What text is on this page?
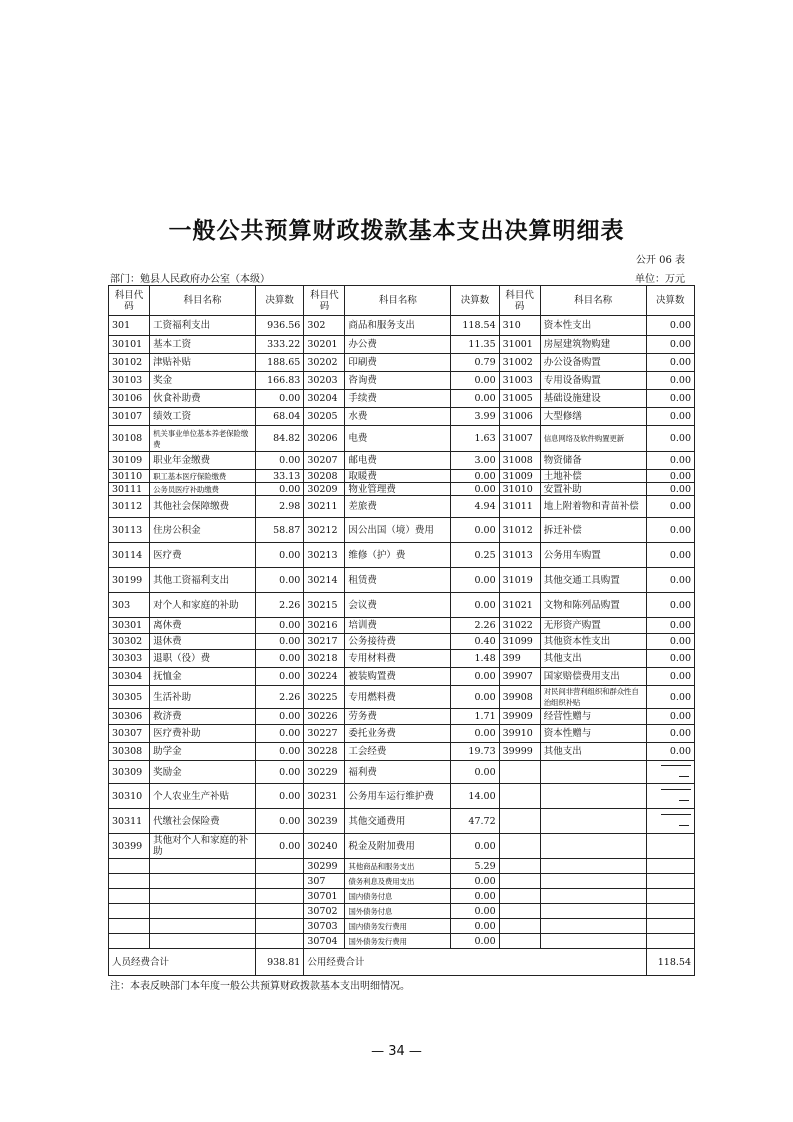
一般公共预算财政拨款基本支出决算明细表
公开 06 表
部门：勉县人民政府办公室（本级）	单位：万元
科目代码	科目名称	决算数	科目代码	科目名称	决算数	科目代码	科目名称	决算数
301	工资福利支出	936.56	302	商品和服务支出	118.54	310	资本性支出	0.00
30101	基本工资	333.22	30201	办公费	11.35	31001	房屋建筑物购建	0.00
30102	津贴补贴	188.65	30202	印刷费	0.79	31002	办公设备购置	0.00
30103	奖金	166.83	30203	咨询费	0.00	31003	专用设备购置	0.00
30106	伙食补助费	0.00	30204	手续费	0.00	31005	基础设施建设	0.00
30107	绩效工资	68.04	30205	水费	3.99	31006	大型修缮	0.00
30108	机关事业单位基本养老保险缴费	84.82	30206	电费	1.63	31007	信息网络及软件购置更新	0.00
30109	职业年金缴费	0.00	30207	邮电费	3.00	31008	物资储备	0.00
30110	职工基本医疗保险缴费	33.13	30208	取暖费	0.00	31009	土地补偿	0.00
30111	公务员医疗补助缴费	0.00	30209	物业管理费	0.00	31010	安置补助	0.00
30112	其他社会保障缴费	2.98	30211	差旅费	4.94	31011	地上附着物和青苗补偿	0.00
30113	住房公积金	58.87	30212	因公出国（境）费用	0.00	31012	拆迁补偿	0.00
30114	医疗费	0.00	30213	维修（护）费	0.25	31013	公务用车购置	0.00
30199	其他工资福利支出	0.00	30214	租赁费	0.00	31019	其他交通工具购置	0.00
303	对个人和家庭的补助	2.26	30215	会议费	0.00	31021	文物和陈列品购置	0.00
30301	离休费	0.00	30216	培训费	2.26	31022	无形资产购置	0.00
30302	退休费	0.00	30217	公务接待费	0.40	31099	其他资本性支出	0.00
30303	退职（役）费	0.00	30218	专用材料费	1.48	399	其他支出	0.00
30304	抚恤金	0.00	30224	被装购置费	0.00	39907	国家赔偿费用支出	0.00
30305	生活补助	2.26	30225	专用燃料费	0.00	39908	对民间非营利组织和群众性自治组织补贴	0.00
30306	救济费	0.00	30226	劳务费	1.71	39909	经营性赠与	0.00
30307	医疗费补助	0.00	30227	委托业务费	0.00	39910	资本性赠与	0.00
30308	助学金	0.00	30228	工会经费	19.73	39999	其他支出	0.00
30309	奖励金	0.00	30229	福利费	0.00			
30310	个人农业生产补贴	0.00	30231	公务用车运行维护费	14.00			
30311	代缴社会保险费	0.00	30239	其他交通费用	47.72			
30399	其他对个人和家庭的补助	0.00	30240	税金及附加费用	0.00			
			30299	其他商品和服务支出	5.29			
			307	债务利息及费用支出	0.00			
			30701	国内债务付息	0.00			
			30702	国外债务付息	0.00			
			30703	国内债务发行费用	0.00			
			30704	国外债务发行费用	0.00			
人员经费合计		938.81	公用经费合计					118.54
注：本表反映部门本年度一般公共预算财政拨款基本支出明细情况。
— 34 —
